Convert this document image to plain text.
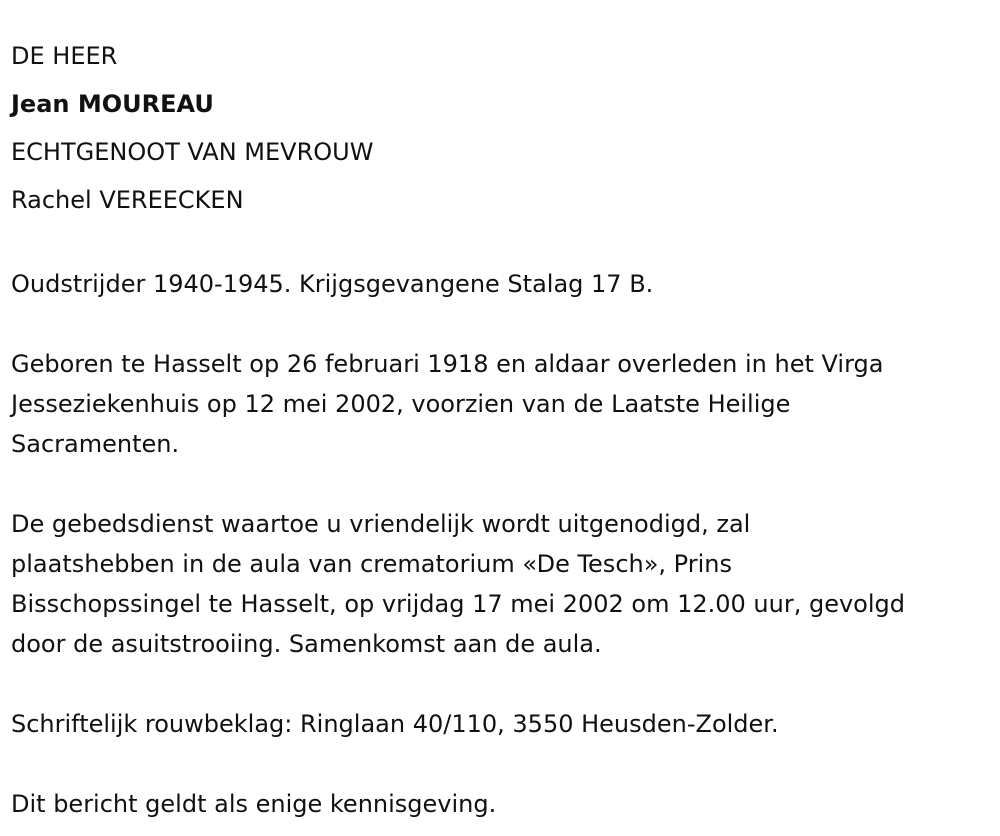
DE HEER

Jean MOUREAU

ECHTGENOOT VAN MEVROUW

Rachel VEREECKEN

Oudstrijder 1940-1945. Krijgsgevangene Stalag 17 B.

Geboren te Hasselt op 26 februari 1918 en aldaar overleden in het Virga

Jesseziekenhuis op 12 mei 2002, voorzien van de Laatste Heilige

Sacramenten.

De gebedsdienst waartoe u vriendelijk wordt uitgenodigd, zal

plaatshebben in de aula van crematorium «De Tesch», Prins

Bisschopssingel te Hasselt, op vrijdag 17 mei 2002 om 12.00 uur, gevolgd

door de asuitstrooiing. Samenkomst aan de aula.

Schriftelijk rouwbeklag: Ringlaan 40/110, 3550 Heusden-Zolder.

Dit bericht geldt als enige kennisgeving.
